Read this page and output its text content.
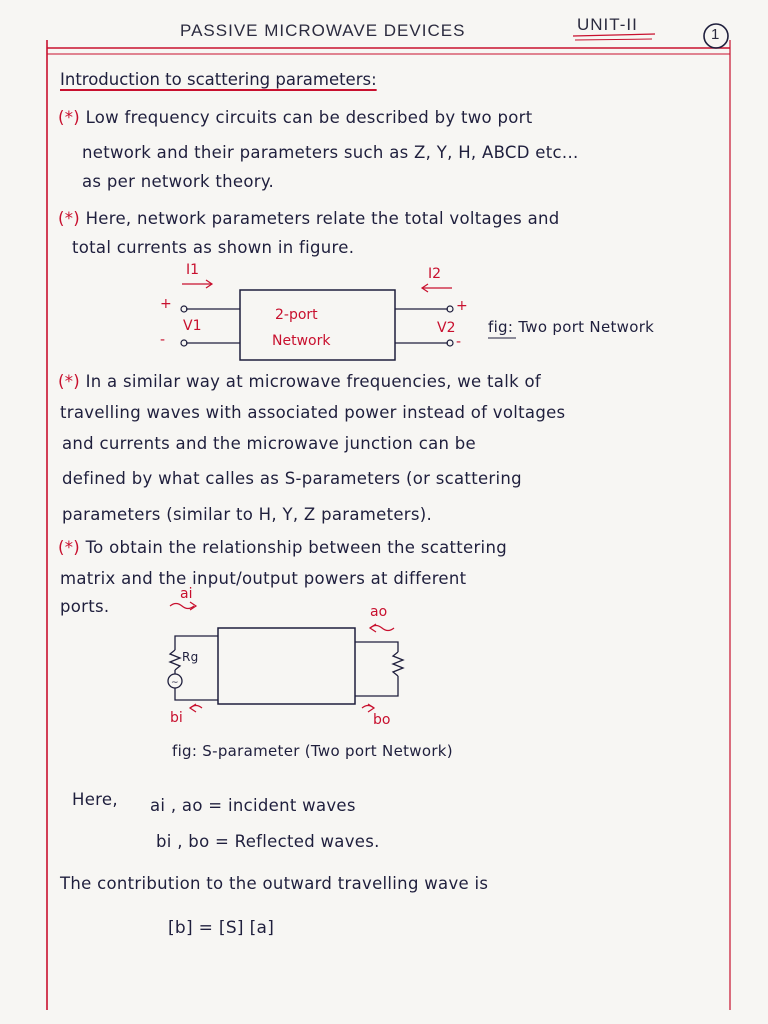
PASSIVE MICROWAVE DEVICES	UNIT-II
1
Introduction to scattering parameters:
(*) Low frequency circuits can be described by two port
network and their parameters such as Z, Y, H, ABCD etc...
as per network theory.
(*) Here, network parameters relate the total voltages and
total currents as shown in figure.
2-port
Network
I1	I2
V1	V2
+
-
+
-
fig: Two port Network
(*) In a similar way at microwave frequencies, we talk of
travelling waves with associated power instead of voltages
and currents and the microwave junction can be
defined by what calles as S-parameters (or scattering
parameters (similar to H, Y, Z parameters).
(*) To obtain the relationship between the scattering
matrix and the input/output powers at different
ports.
~
ai
ao
bi	bo
Rg
fig: S-parameter (Two port Network)
Here, ai , ao = incident waves
bi , bo = Reflected waves.
The contribution to the outward travelling wave is
[b] = [S] [a]
